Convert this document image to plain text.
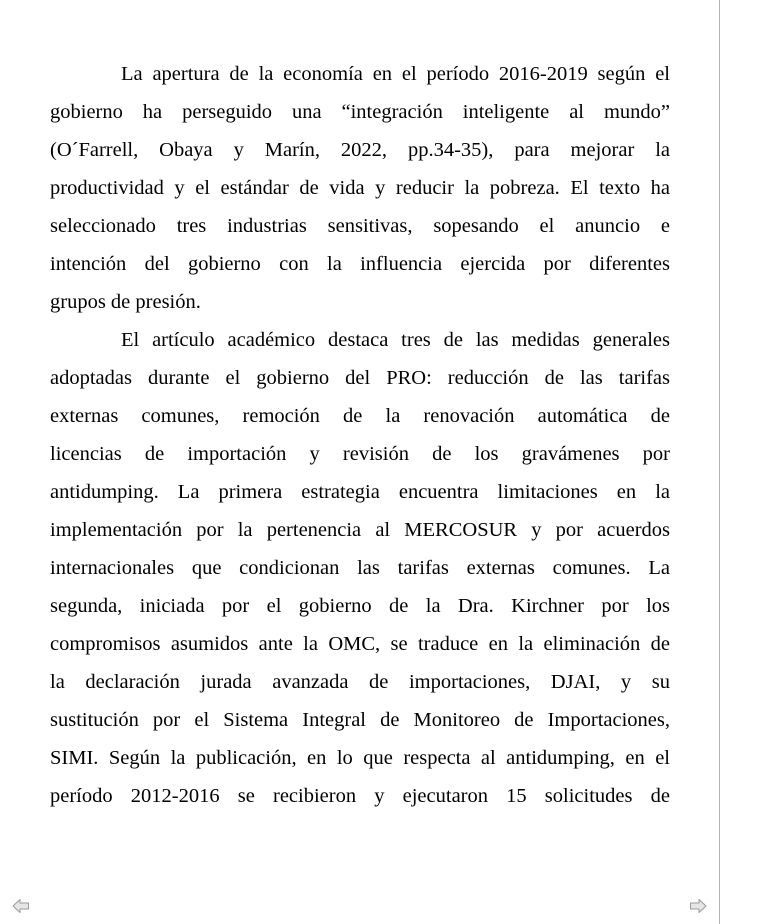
La apertura de la economía en el período 2016-2019 según el
gobierno ha perseguido una “integración inteligente al mundo”
(O´Farrell, Obaya y Marín, 2022, pp.34-35), para mejorar la
productividad y el estándar de vida y reducir la pobreza. El texto ha
seleccionado tres industrias sensitivas, sopesando el anuncio e
intención del gobierno con la influencia ejercida por diferentes
grupos de presión.
El artículo académico destaca tres de las medidas generales
adoptadas durante el gobierno del PRO: reducción de las tarifas
externas comunes, remoción de la renovación automática de
licencias de importación y revisión de los gravámenes por
antidumping. La primera estrategia encuentra limitaciones en la
implementación por la pertenencia al MERCOSUR y por acuerdos
internacionales que condicionan las tarifas externas comunes. La
segunda, iniciada por el gobierno de la Dra. Kirchner por los
compromisos asumidos ante la OMC, se traduce en la eliminación de
la declaración jurada avanzada de importaciones, DJAI, y su
sustitución por el Sistema Integral de Monitoreo de Importaciones,
SIMI. Según la publicación, en lo que respecta al antidumping, en el
período 2012-2016 se recibieron y ejecutaron 15 solicitudes de
